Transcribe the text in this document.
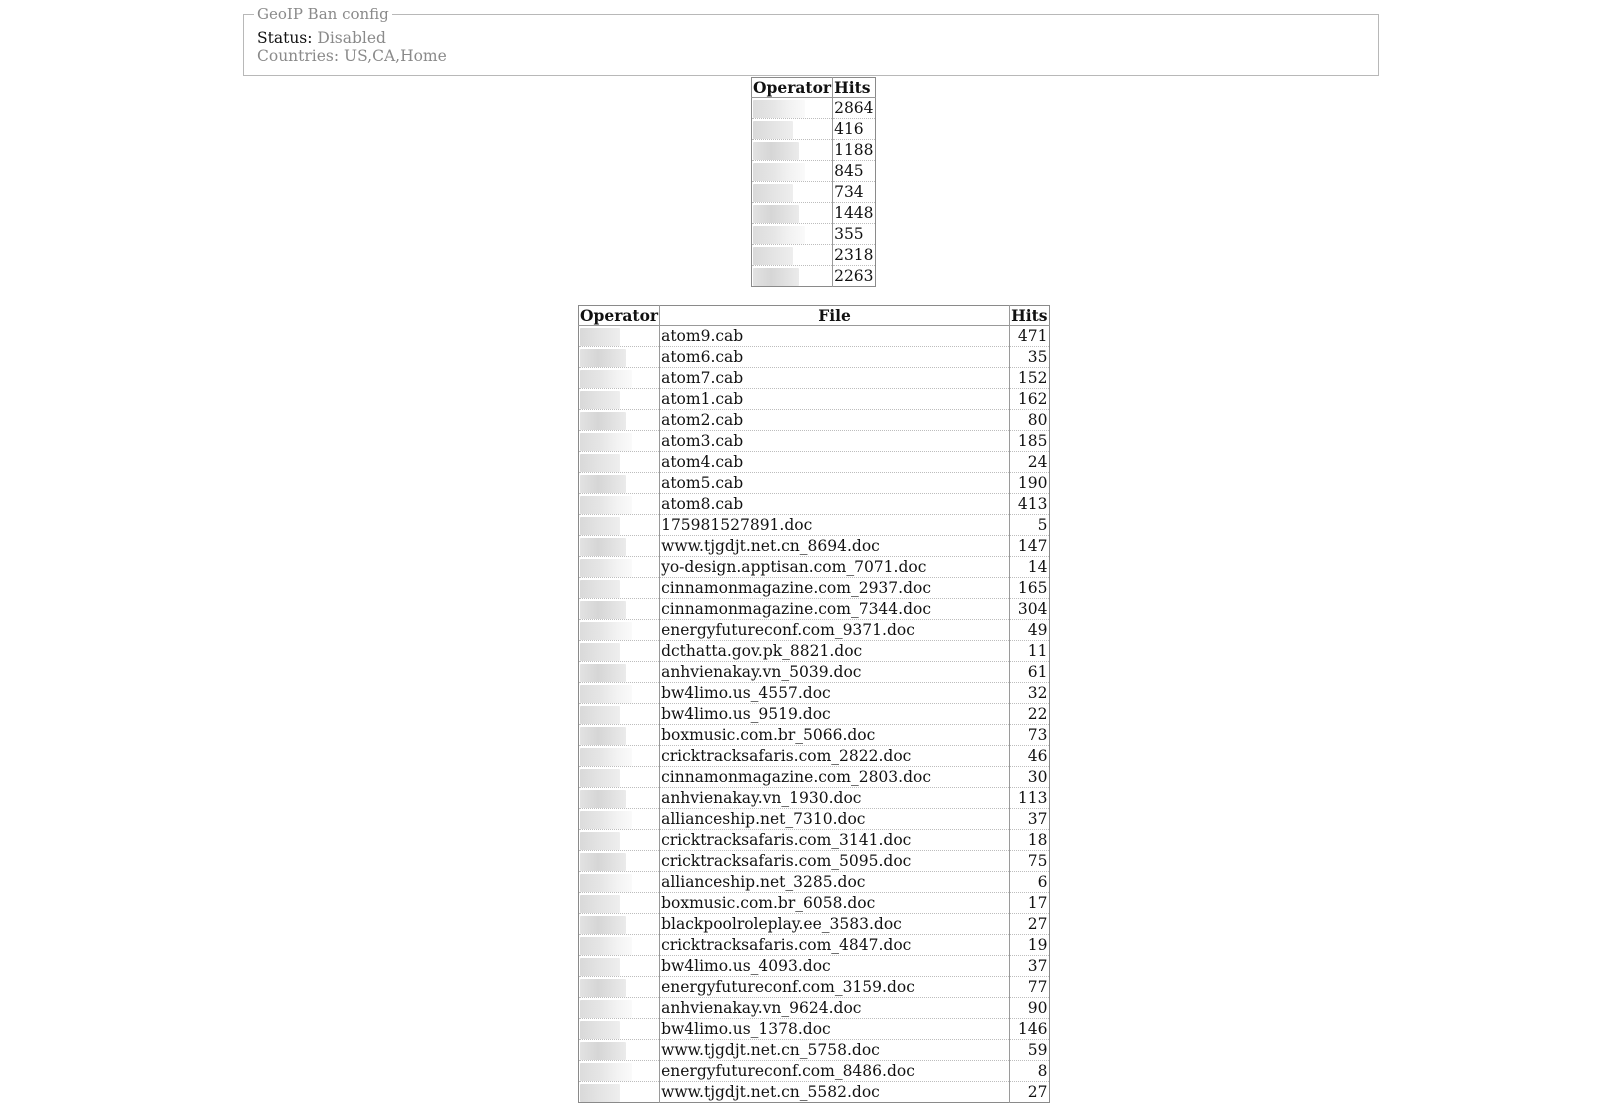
GeoIP Ban config
Status: Disabled
Countries: US,CA,Home
Operator	Hits
	2864
	416
	1188
	845
	734
	1448
	355
	2318
	2263
Operator	File	Hits
	atom9.cab	471
	atom6.cab	35
	atom7.cab	152
	atom1.cab	162
	atom2.cab	80
	atom3.cab	185
	atom4.cab	24
	atom5.cab	190
	atom8.cab	413
	175981527891.doc	5
	www.tjgdjt.net.cn_8694.doc	147
	yo-design.apptisan.com_7071.doc	14
	cinnamonmagazine.com_2937.doc	165
	cinnamonmagazine.com_7344.doc	304
	energyfutureconf.com_9371.doc	49
	dcthatta.gov.pk_8821.doc	11
	anhvienakay.vn_5039.doc	61
	bw4limo.us_4557.doc	32
	bw4limo.us_9519.doc	22
	boxmusic.com.br_5066.doc	73
	cricktracksafaris.com_2822.doc	46
	cinnamonmagazine.com_2803.doc	30
	anhvienakay.vn_1930.doc	113
	allianceship.net_7310.doc	37
	cricktracksafaris.com_3141.doc	18
	cricktracksafaris.com_5095.doc	75
	allianceship.net_3285.doc	6
	boxmusic.com.br_6058.doc	17
	blackpoolroleplay.ee_3583.doc	27
	cricktracksafaris.com_4847.doc	19
	bw4limo.us_4093.doc	37
	energyfutureconf.com_3159.doc	77
	anhvienakay.vn_9624.doc	90
	bw4limo.us_1378.doc	146
	www.tjgdjt.net.cn_5758.doc	59
	energyfutureconf.com_8486.doc	8
	www.tjgdjt.net.cn_5582.doc	27
